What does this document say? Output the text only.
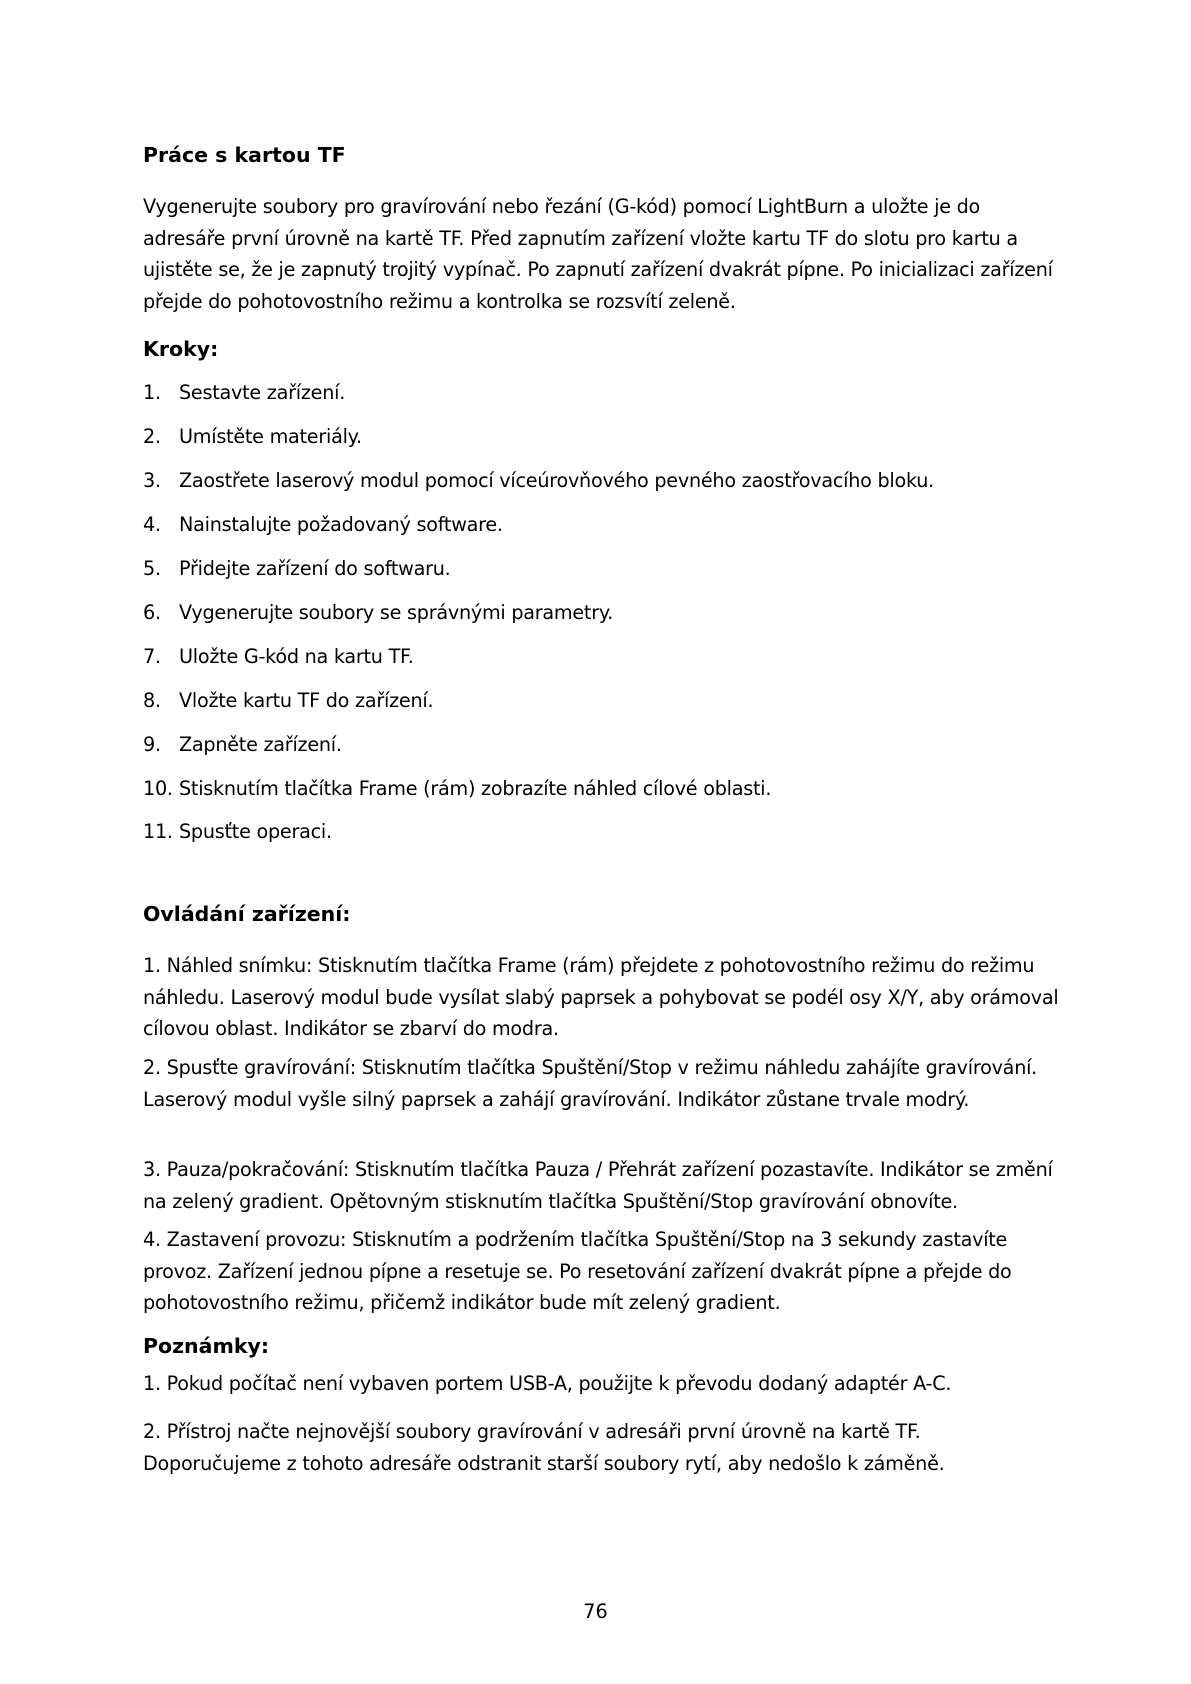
Práce s kartou TF

Vygenerujte soubory pro gravírování nebo řezání (G-kód) pomocí LightBurn a uložte je do adresáře první úrovně na kartě TF. Před zapnutím zařízení vložte kartu TF do slotu pro kartu a ujistěte se, že je zapnutý trojitý vypínač. Po zapnutí zařízení dvakrát pípne. Po inicializaci zařízení přejde do pohotovostního režimu a kontrolka se rozsvítí zeleně.

Kroky:
1. Sestavte zařízení.
2. Umístěte materiály.
3. Zaostřete laserový modul pomocí víceúrovňového pevného zaostřovacího bloku.
4. Nainstalujte požadovaný software.
5. Přidejte zařízení do softwaru.
6. Vygenerujte soubory se správnými parametry.
7. Uložte G-kód na kartu TF.
8. Vložte kartu TF do zařízení.
9. Zapněte zařízení.
10. Stisknutím tlačítka Frame (rám) zobrazíte náhled cílové oblasti.
11. Spusťte operaci.
Ovládání zařízení:

1. Náhled snímku: Stisknutím tlačítka Frame (rám) přejdete z pohotovostního režimu do režimu náhledu. Laserový modul bude vysílat slabý paprsek a pohybovat se podél osy X/Y, aby orámoval cílovou oblast. Indikátor se zbarví do modra.

2. Spusťte gravírování: Stisknutím tlačítka Spuštění/Stop v režimu náhledu zahájíte gravírování. Laserový modul vyšle silný paprsek a zahájí gravírování. Indikátor zůstane trvale modrý.

3. Pauza/pokračování: Stisknutím tlačítka Pauza / Přehrát zařízení pozastavíte. Indikátor se změní na zelený gradient. Opětovným stisknutím tlačítka Spuštění/Stop gravírování obnovíte.

4. Zastavení provozu: Stisknutím a podržením tlačítka Spuštění/Stop na 3 sekundy zastavíte provoz. Zařízení jednou pípne a resetuje se. Po resetování zařízení dvakrát pípne a přejde do pohotovostního režimu, přičemž indikátor bude mít zelený gradient.

Poznámky:

1. Pokud počítač není vybaven portem USB-A, použijte k převodu dodaný adaptér A-C.

2. Přístroj načte nejnovější soubory gravírování v adresáři první úrovně na kartě TF. Doporučujeme z tohoto adresáře odstranit starší soubory rytí, aby nedošlo k záměně.

76
